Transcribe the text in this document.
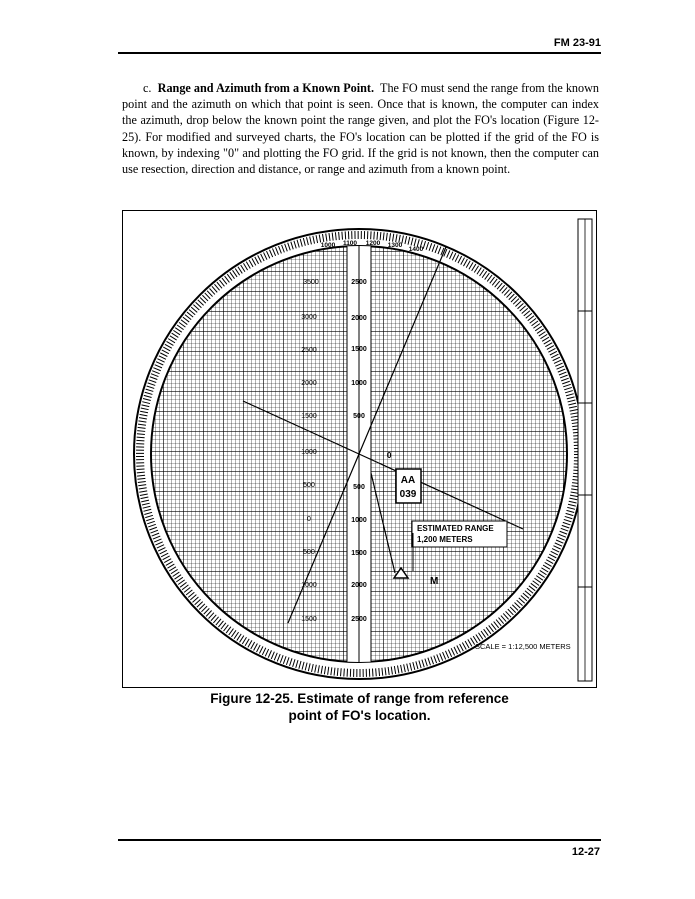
FM 23-91

c. Range and Azimuth from a Known Point. The FO must send the range from the known point and the azimuth on which that point is seen. Once that is known, the computer can index the azimuth, drop below the known point the range given, and plot the FO's location (Figure 12-25). For modified and surveyed charts, the FO's location can be plotted if the grid of the FO is known, by indexing "0" and plotting the FO grid. If the grid is not known, then the computer can use resection, direction and distance, or range and azimuth from a known point.

2500
2000
1500
1000
500
500
1000
1500
2000
2500
3500
3000
2500
2000
1500
1000
500
0
500
1000
1500
1000 1100 1200 1300
1400
0
AA
039
ESTIMATED RANGE
1,200 METERS
M
SCALE = 1:12,500 METERS
Figure 12-25. Estimate of range from reference
point of FO's location.
12-27
